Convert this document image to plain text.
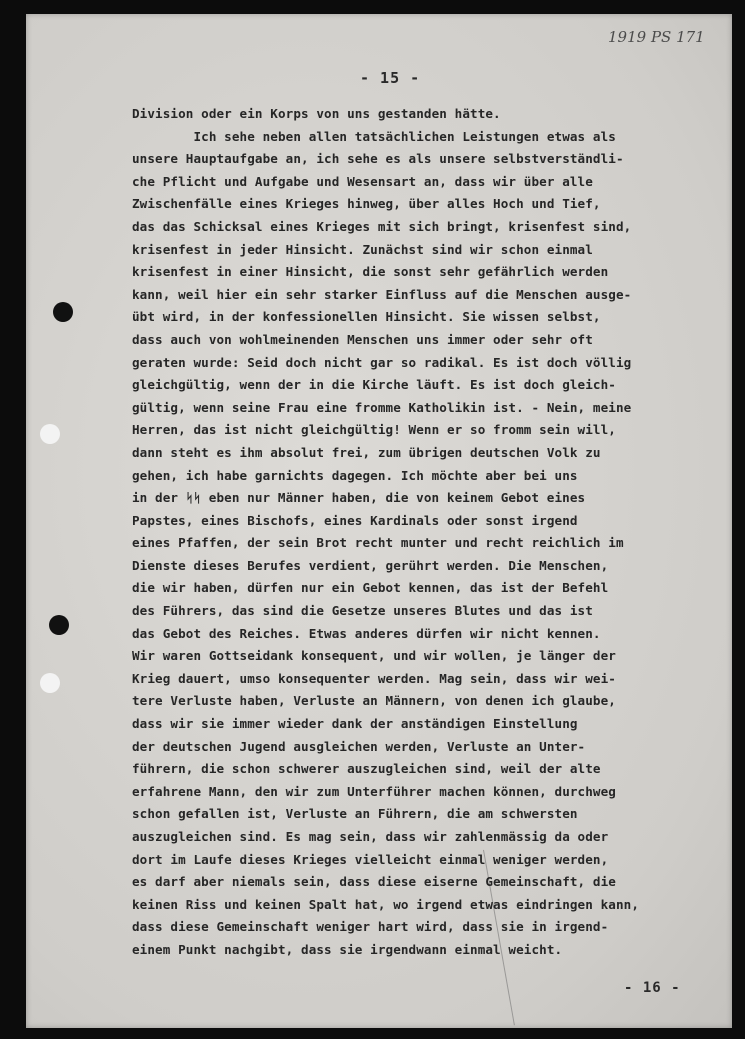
1919 PS 171
- 15 -
Division oder ein Korps von uns gestanden hätte.
Ich sehe neben allen tatsächlichen Leistungen etwas als
unsere Hauptaufgabe an, ich sehe es als unsere selbstverständli-
che Pflicht und Aufgabe und Wesensart an, dass wir über alle
Zwischenfälle eines Krieges hinweg, über alles Hoch und Tief,
das das Schicksal eines Krieges mit sich bringt, krisenfest sind,
krisenfest in jeder Hinsicht. Zunächst sind wir schon einmal
krisenfest in einer Hinsicht, die sonst sehr gefährlich werden
kann, weil hier ein sehr starker Einfluss auf die Menschen ausge-
übt wird, in der konfessionellen Hinsicht. Sie wissen selbst,
dass auch von wohlmeinenden Menschen uns immer oder sehr oft
geraten wurde: Seid doch nicht gar so radikal. Es ist doch völlig
gleichgültig, wenn der in die Kirche läuft. Es ist doch gleich-
gültig, wenn seine Frau eine fromme Katholikin ist. - Nein, meine
Herren, das ist nicht gleichgültig! Wenn er so fromm sein will,
dann steht es ihm absolut frei, zum übrigen deutschen Volk zu
gehen, ich habe garnichts dagegen. Ich möchte aber bei uns
in der ᛋᛋ eben nur Männer haben, die von keinem Gebot eines
Papstes, eines Bischofs, eines Kardinals oder sonst irgend
eines Pfaffen, der sein Brot recht munter und recht reichlich im
Dienste dieses Berufes verdient, gerührt werden. Die Menschen,
die wir haben, dürfen nur ein Gebot kennen, das ist der Befehl
des Führers, das sind die Gesetze unseres Blutes und das ist
das Gebot des Reiches. Etwas anderes dürfen wir nicht kennen.
Wir waren Gottseidank konsequent, und wir wollen, je länger der
Krieg dauert, umso konsequenter werden. Mag sein, dass wir wei-
tere Verluste haben, Verluste an Männern, von denen ich glaube,
dass wir sie immer wieder dank der anständigen Einstellung
der deutschen Jugend ausgleichen werden, Verluste an Unter-
führern, die schon schwerer auszugleichen sind, weil der alte
erfahrene Mann, den wir zum Unterführer machen können, durchweg
schon gefallen ist, Verluste an Führern, die am schwersten
auszugleichen sind. Es mag sein, dass wir zahlenmässig da oder
dort im Laufe dieses Krieges vielleicht einmal weniger werden,
es darf aber niemals sein, dass diese eiserne Gemeinschaft, die
keinen Riss und keinen Spalt hat, wo irgend etwas eindringen kann,
dass diese Gemeinschaft weniger hart wird, dass sie in irgend-
einem Punkt nachgibt, dass sie irgendwann einmal weicht.
- 16 -
